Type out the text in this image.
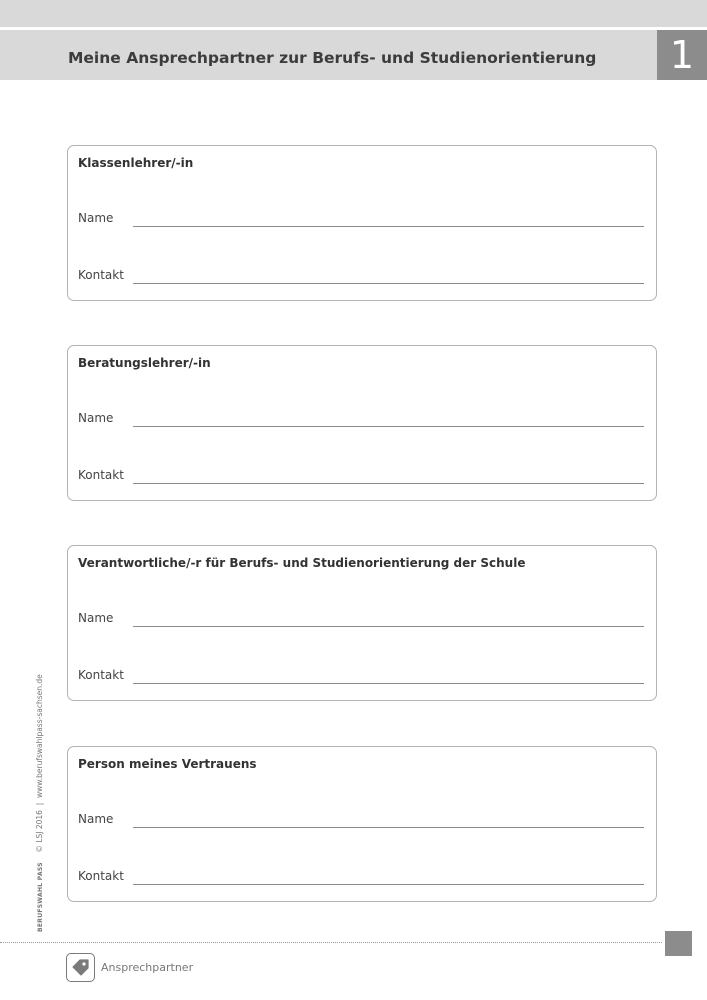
Meine Ansprechpartner zur Berufs- und Studienorientierung	1
Klassenlehrer/-in
Name
Kontakt
Beratungslehrer/-in
Name
Kontakt
Verantwortliche/-r für Berufs- und Studienorientierung der Schule
Name
Kontakt
Person meines Vertrauens
Name
Kontakt
BERUFSWAHL PASS    © LSJ 2016  |  www.berufswahlpass-sachsen.de
Ansprechpartner
